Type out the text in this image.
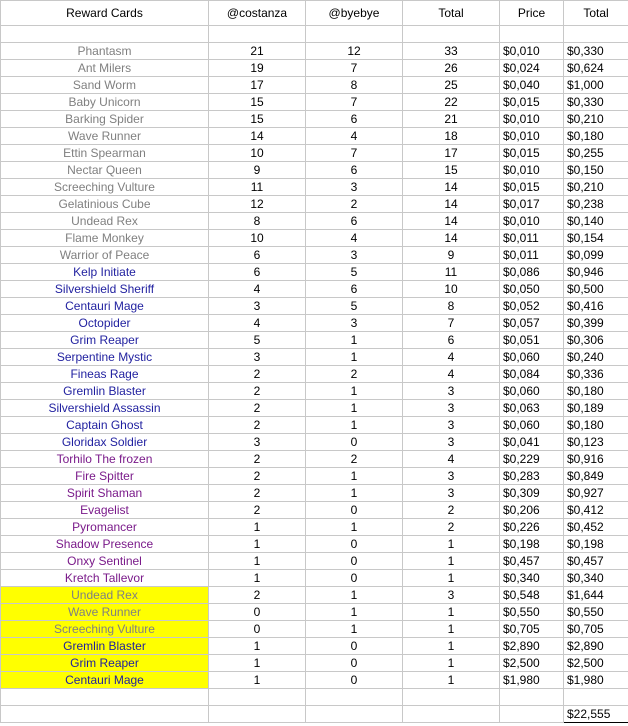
Reward Cards	@costanza	@byebye	Total	Price	Total

Phantasm	21	12	33	$0,010	$0,330
Ant Milers	19	7	26	$0,024	$0,624
Sand Worm	17	8	25	$0,040	$1,000
Baby Unicorn	15	7	22	$0,015	$0,330
Barking Spider	15	6	21	$0,010	$0,210
Wave Runner	14	4	18	$0,010	$0,180
Ettin Spearman	10	7	17	$0,015	$0,255
Nectar Queen	9	6	15	$0,010	$0,150
Screeching Vulture	11	3	14	$0,015	$0,210
Gelatinious Cube	12	2	14	$0,017	$0,238
Undead Rex	8	6	14	$0,010	$0,140
Flame Monkey	10	4	14	$0,011	$0,154
Warrior of Peace	6	3	9	$0,011	$0,099
Kelp Initiate	6	5	11	$0,086	$0,946
Silvershield Sheriff	4	6	10	$0,050	$0,500
Centauri Mage	3	5	8	$0,052	$0,416
Octopider	4	3	7	$0,057	$0,399
Grim Reaper	5	1	6	$0,051	$0,306
Serpentine Mystic	3	1	4	$0,060	$0,240
Fineas Rage	2	2	4	$0,084	$0,336
Gremlin Blaster	2	1	3	$0,060	$0,180
Silvershield Assassin	2	1	3	$0,063	$0,189
Captain Ghost	2	1	3	$0,060	$0,180
Gloridax Soldier	3	0	3	$0,041	$0,123
Torhilo The frozen	2	2	4	$0,229	$0,916
Fire Spitter	2	1	3	$0,283	$0,849
Spirit Shaman	2	1	3	$0,309	$0,927
Evagelist	2	0	2	$0,206	$0,412
Pyromancer	1	1	2	$0,226	$0,452
Shadow Presence	1	0	1	$0,198	$0,198
Onxy Sentinel	1	0	1	$0,457	$0,457
Kretch Tallevor	1	0	1	$0,340	$0,340
Undead Rex	2	1	3	$0,548	$1,644
Wave Runner	0	1	1	$0,550	$0,550
Screeching Vulture	0	1	1	$0,705	$0,705
Gremlin Blaster	1	0	1	$2,890	$2,890
Grim Reaper	1	0	1	$2,500	$2,500
Centauri Mage	1	0	1	$1,980	$1,980

					$22,555
